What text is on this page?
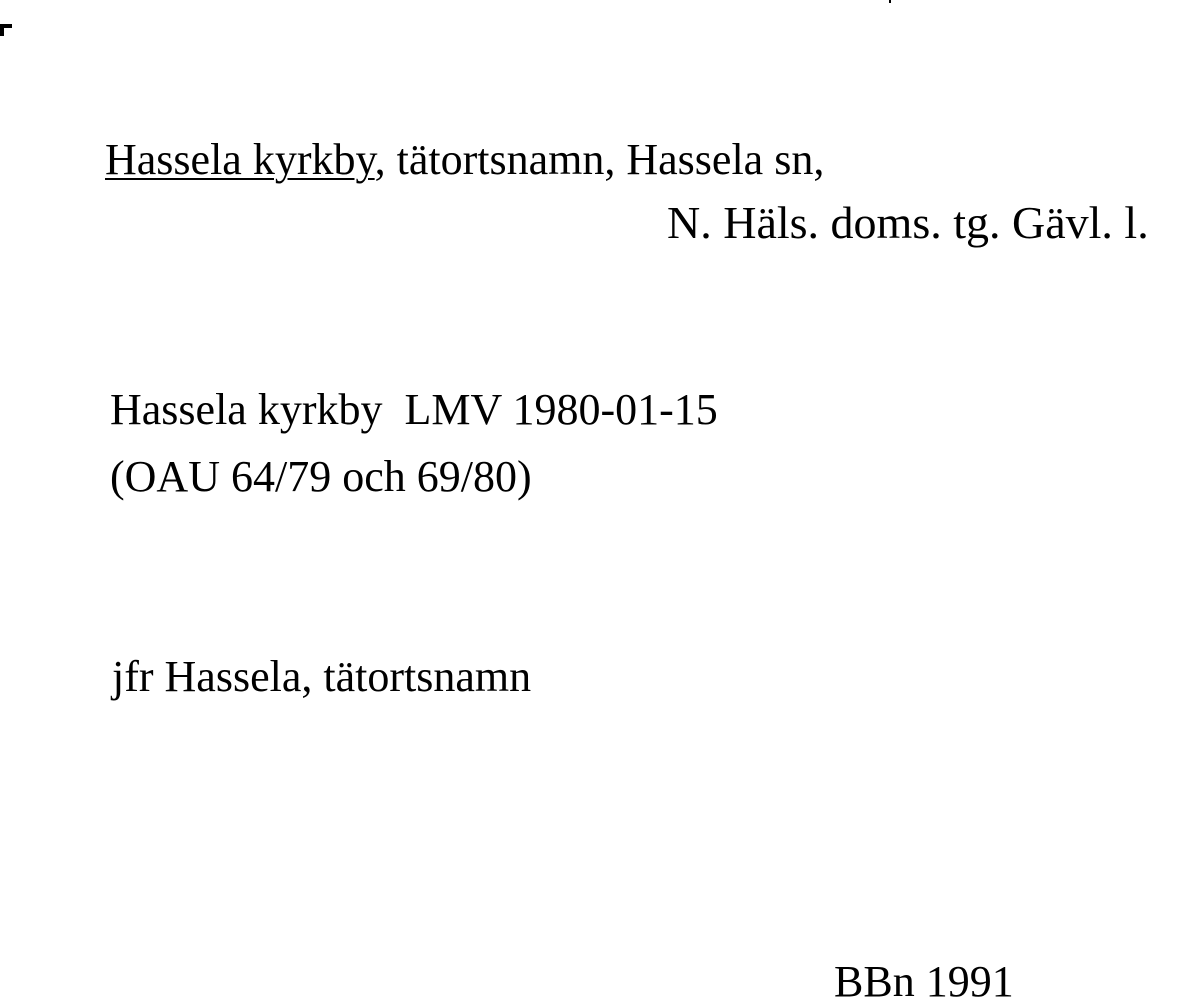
Hassela kyrkby, tätortsnamn, Hassela sn,
N. Häls. doms. tg. Gävl. l.
Hassela kyrkby LMV 1980-01-15
(OAU 64/79 och 69/80)
jfr Hassela, tätortsnamn
BBn 1991
